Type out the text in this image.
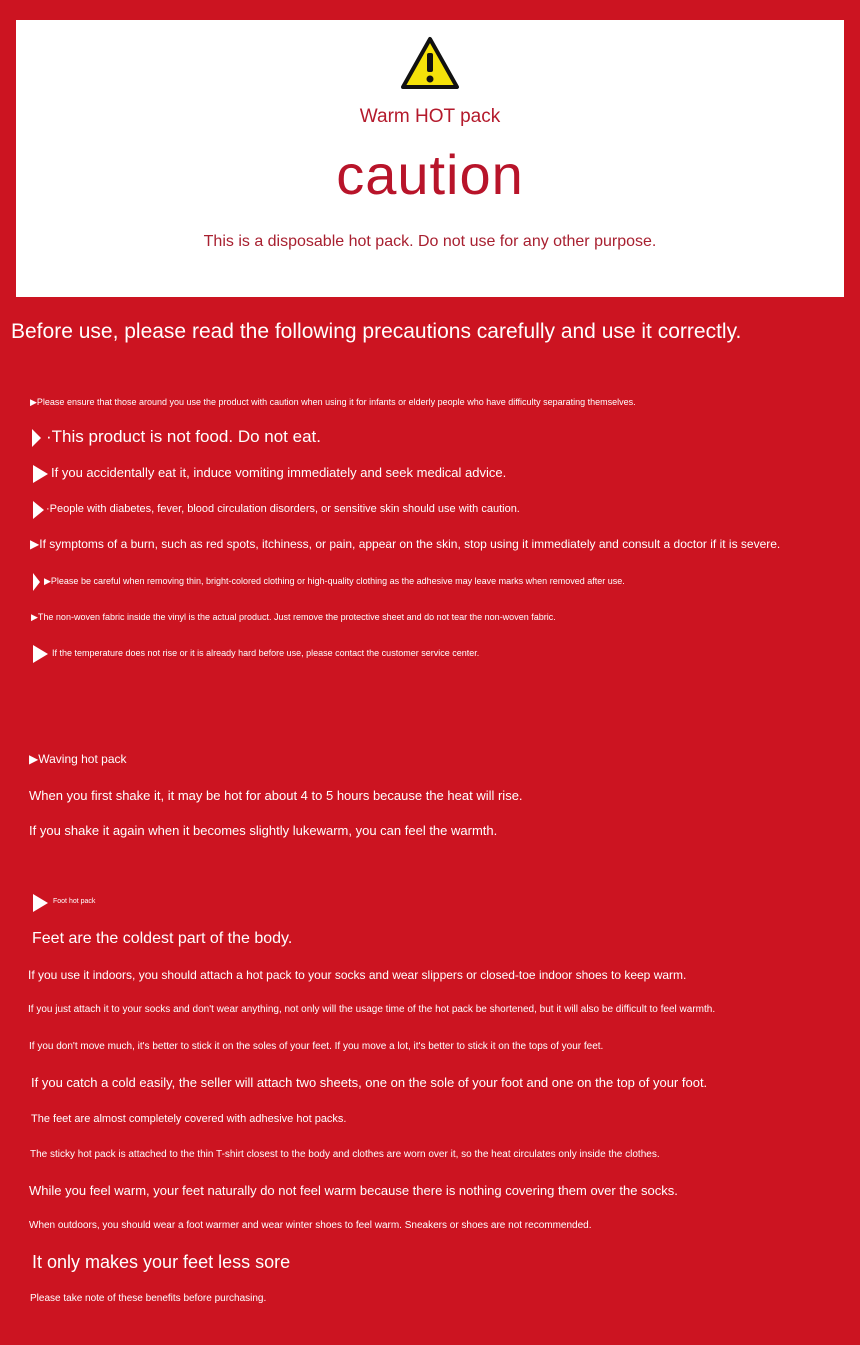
Warm HOT pack
caution
This is a disposable hot pack. Do not use for any other purpose.
Before use, please read the following precautions carefully and use it correctly.
▶Please ensure that those around you use the product with caution when using it for infants or elderly people who have difficulty separating themselves.
·This product is not food. Do not eat.
If you accidentally eat it, induce vomiting immediately and seek medical advice.
·People with diabetes, fever, blood circulation disorders, or sensitive skin should use with caution.
▶If symptoms of a burn, such as red spots, itchiness, or pain, appear on the skin, stop using it immediately and consult a doctor if it is severe.
▶Please be careful when removing thin, bright-colored clothing or high-quality clothing as the adhesive may leave marks when removed after use.
▶The non-woven fabric inside the vinyl is the actual product. Just remove the protective sheet and do not tear the non-woven fabric.
If the temperature does not rise or it is already hard before use, please contact the customer service center.
▶Waving hot pack
When you first shake it, it may be hot for about 4 to 5 hours because the heat will rise.
If you shake it again when it becomes slightly lukewarm, you can feel the warmth.
Foot hot pack
Feet are the coldest part of the body.
If you use it indoors, you should attach a hot pack to your socks and wear slippers or closed-toe indoor shoes to keep warm.
If you just attach it to your socks and don't wear anything, not only will the usage time of the hot pack be shortened, but it will also be difficult to feel warmth.
If you don't move much, it's better to stick it on the soles of your feet. If you move a lot, it's better to stick it on the tops of your feet.
If you catch a cold easily, the seller will attach two sheets, one on the sole of your foot and one on the top of your foot.
The feet are almost completely covered with adhesive hot packs.
The sticky hot pack is attached to the thin T-shirt closest to the body and clothes are worn over it, so the heat circulates only inside the clothes.
While you feel warm, your feet naturally do not feel warm because there is nothing covering them over the socks.
When outdoors, you should wear a foot warmer and wear winter shoes to feel warm. Sneakers or shoes are not recommended.
It only makes your feet less sore
Please take note of these benefits before purchasing.
